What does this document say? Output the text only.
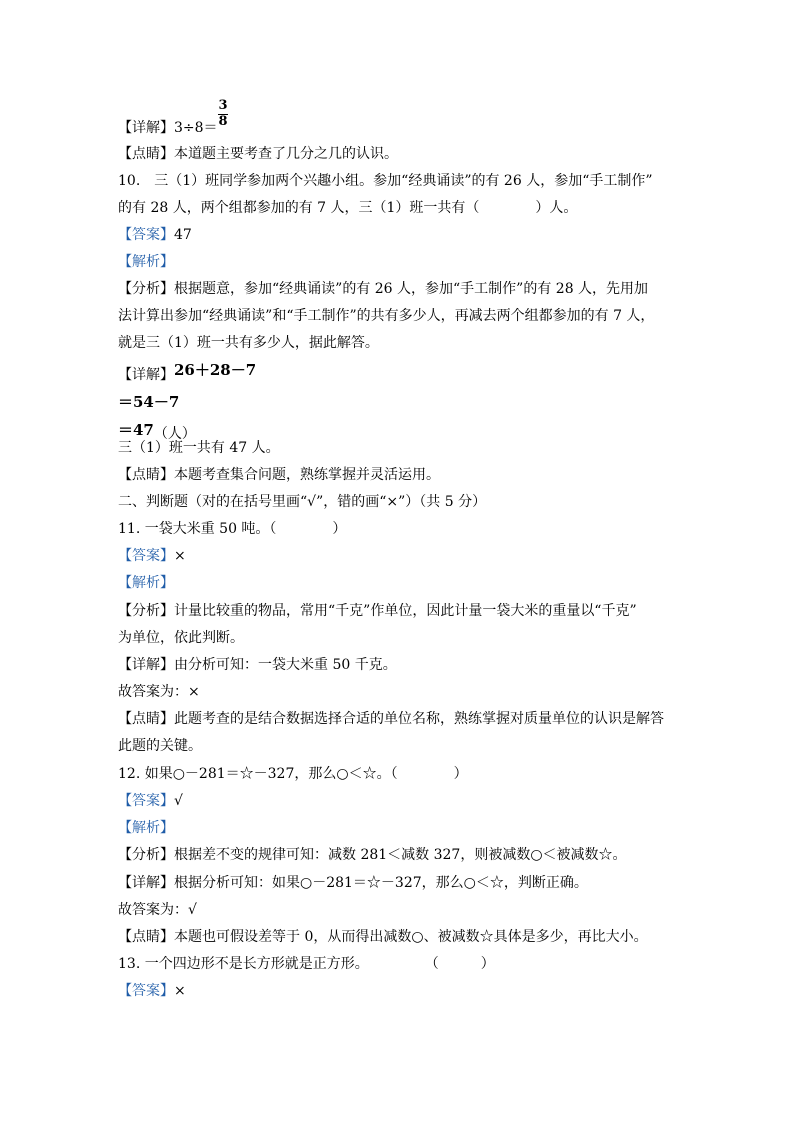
3
8
【详解】3÷8＝
【点睛】本道题主要考查了几分之几的认识。
10.　三（1）班同学参加两个兴趣小组。参加“经典诵读”的有 26 人，参加“手工制作”
的有 28 人，两个组都参加的有 7 人，三（1）班一共有（　　　　）人。
【答案】47
【解析】
【分析】根据题意，参加“经典诵读”的有 26 人，参加“手工制作”的有 28 人，先用加
法计算出参加“经典诵读”和“手工制作”的共有多少人，再减去两个组都参加的有 7 人，
就是三（1）班一共有多少人，据此解答。
【详解】26＋28－7
＝54－7
＝47（人）
三（1）班一共有 47 人。
【点睛】本题考查集合问题，熟练掌握并灵活运用。
二、判断题（对的在括号里画“√”，错的画“×”）（共 5 分）
11. 一袋大米重 50 吨。（　　　　）
【答案】×
【解析】
【分析】计量比较重的物品，常用“千克”作单位，因此计量一袋大米的重量以“千克”
为单位，依此判断。
【详解】由分析可知：一袋大米重 50 千克。
故答案为：×
【点睛】此题考查的是结合数据选择合适的单位名称，熟练掌握对质量单位的认识是解答
此题的关键。
12. 如果○－281＝☆－327，那么○＜☆。（　　　　）
【答案】√
【解析】
【分析】根据差不变的规律可知：减数 281＜减数 327，则被减数○＜被减数☆。
【详解】根据分析可知：如果○－281＝☆－327，那么○＜☆，判断正确。
故答案为：√
【点睛】本题也可假设差等于 0，从而得出减数○、被减数☆具体是多少，再比大小。
13. 一个四边形不是长方形就是正方形。　　　　　（　　　）
【答案】×
